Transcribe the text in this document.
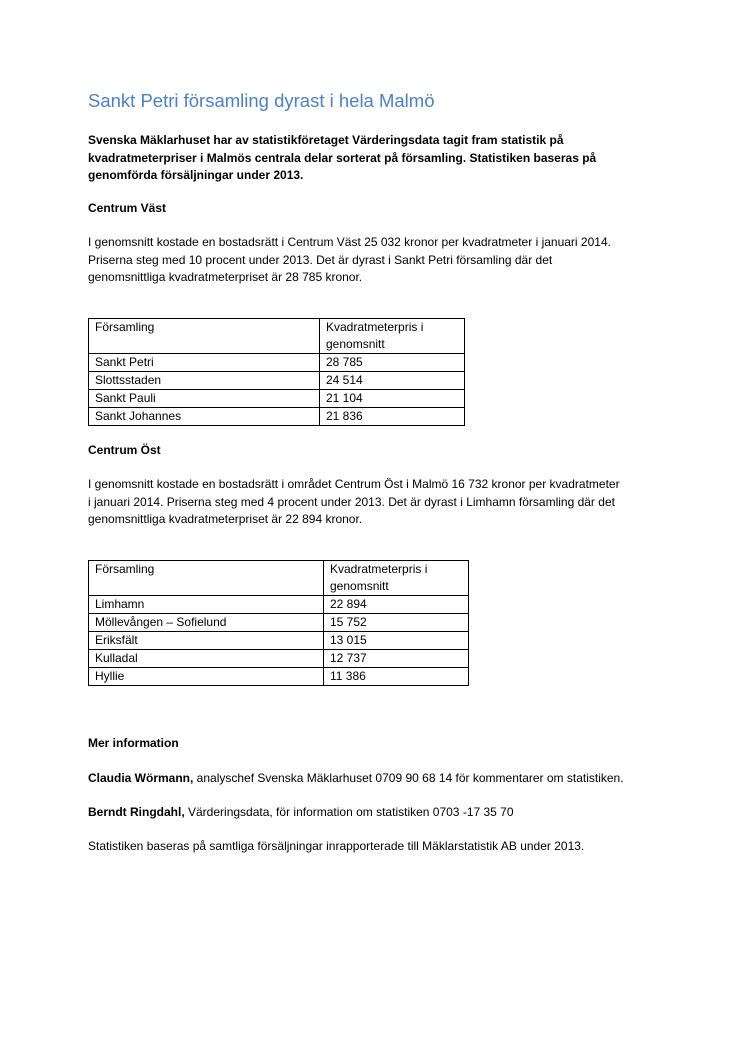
Sankt Petri församling dyrast i hela Malmö

Svenska Mäklarhuset har av statistikföretaget Värderingsdata tagit fram statistik på kvadratmeterpriser i Malmös centrala delar sorterat på församling. Statistiken baseras på genomförda försäljningar under 2013.

Centrum Väst

I genomsnitt kostade en bostadsrätt i Centrum Väst 25 032 kronor per kvadratmeter i januari 2014.
Priserna steg med 10 procent under 2013. Det är dyrast i Sankt Petri församling där det
genomsnittliga kvadratmeterpriset är 28 785 kronor.

Församling	Kvadratmeterpris i
genomsnitt

Sankt Petri	28 785
Slottsstaden	24 514
Sankt Pauli	21 104
Sankt Johannes	21 836

Centrum Öst

I genomsnitt kostade en bostadsrätt i området Centrum Öst i Malmö 16 732 kronor per kvadratmeter
i januari 2014. Priserna steg med 4 procent under 2013. Det är dyrast i Limhamn församling där det
genomsnittliga kvadratmeterpriset är 22 894 kronor.

Församling	Kvadratmeterpris i
genomsnitt

Limhamn	22 894
Möllevången – Sofielund	15 752
Eriksfält	13 015
Kulladal	12 737
Hyllie	11 386

Mer information

Claudia Wörmann, analyschef Svenska Mäklarhuset 0709 90 68 14 för kommentarer om statistiken.

Berndt Ringdahl, Värderingsdata, för information om statistiken 0703 -17 35 70

Statistiken baseras på samtliga försäljningar inrapporterade till Mäklarstatistik AB under 2013.
